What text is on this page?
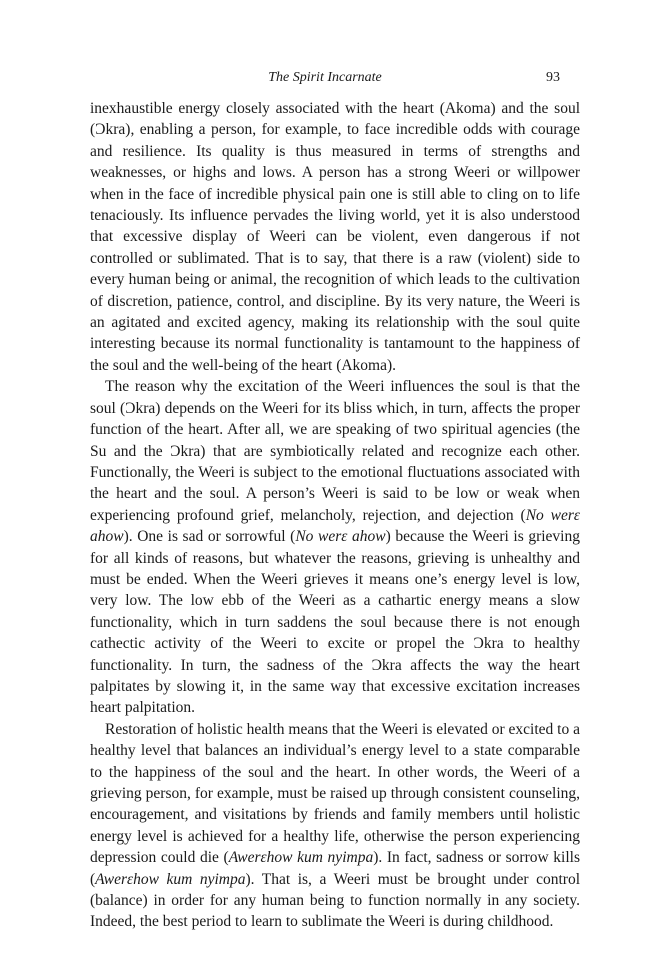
The Spirit Incarnate	93

inexhaustible energy closely associated with the heart (Akoma) and the soul (Ɔkra), enabling a person, for example, to face incredible odds with courage and resilience. Its quality is thus measured in terms of strengths and weaknesses, or highs and lows. A person has a strong Weeri or willpower when in the face of incredible physical pain one is still able to cling on to life tenaciously. Its influence pervades the living world, yet it is also understood that excessive display of Weeri can be violent, even dangerous if not controlled or sublimated. That is to say, that there is a raw (violent) side to every human being or animal, the recognition of which leads to the cultivation of discretion, patience, control, and discipline. By its very nature, the Weeri is an agitated and excited agency, making its relationship with the soul quite interesting because its normal functionality is tantamount to the happiness of the soul and the well-being of the heart (Akoma).

The reason why the excitation of the Weeri influences the soul is that the soul (Ɔkra) depends on the Weeri for its bliss which, in turn, affects the proper function of the heart. After all, we are speaking of two spiritual agencies (the Su and the Ɔkra) that are symbiotically related and recognize each other. Functionally, the Weeri is subject to the emotional fluctuations associated with the heart and the soul. A person’s Weeri is said to be low or weak when experiencing profound grief, melancholy, rejection, and dejection (No werɛ ahow). One is sad or sorrowful (No werɛ ahow) because the Weeri is grieving for all kinds of reasons, but whatever the reasons, grieving is unhealthy and must be ended. When the Weeri grieves it means one’s energy level is low, very low. The low ebb of the Weeri as a cathartic energy means a slow functionality, which in turn saddens the soul because there is not enough cathectic activity of the Weeri to excite or propel the Ɔkra to healthy functionality. In turn, the sadness of the Ɔkra affects the way the heart palpitates by slowing it, in the same way that excessive excitation increases heart palpitation.

Restoration of holistic health means that the Weeri is elevated or excited to a healthy level that balances an individual’s energy level to a state comparable to the happiness of the soul and the heart. In other words, the Weeri of a grieving person, for example, must be raised up through consistent counseling, encouragement, and visitations by friends and family members until holistic energy level is achieved for a healthy life, otherwise the person experiencing depression could die (Awerɛhow kum nyimpa). In fact, sadness or sorrow kills (Awerɛhow kum nyimpa). That is, a Weeri must be brought under control (balance) in order for any human being to function normally in any society. Indeed, the best period to learn to sublimate the Weeri is during childhood.
